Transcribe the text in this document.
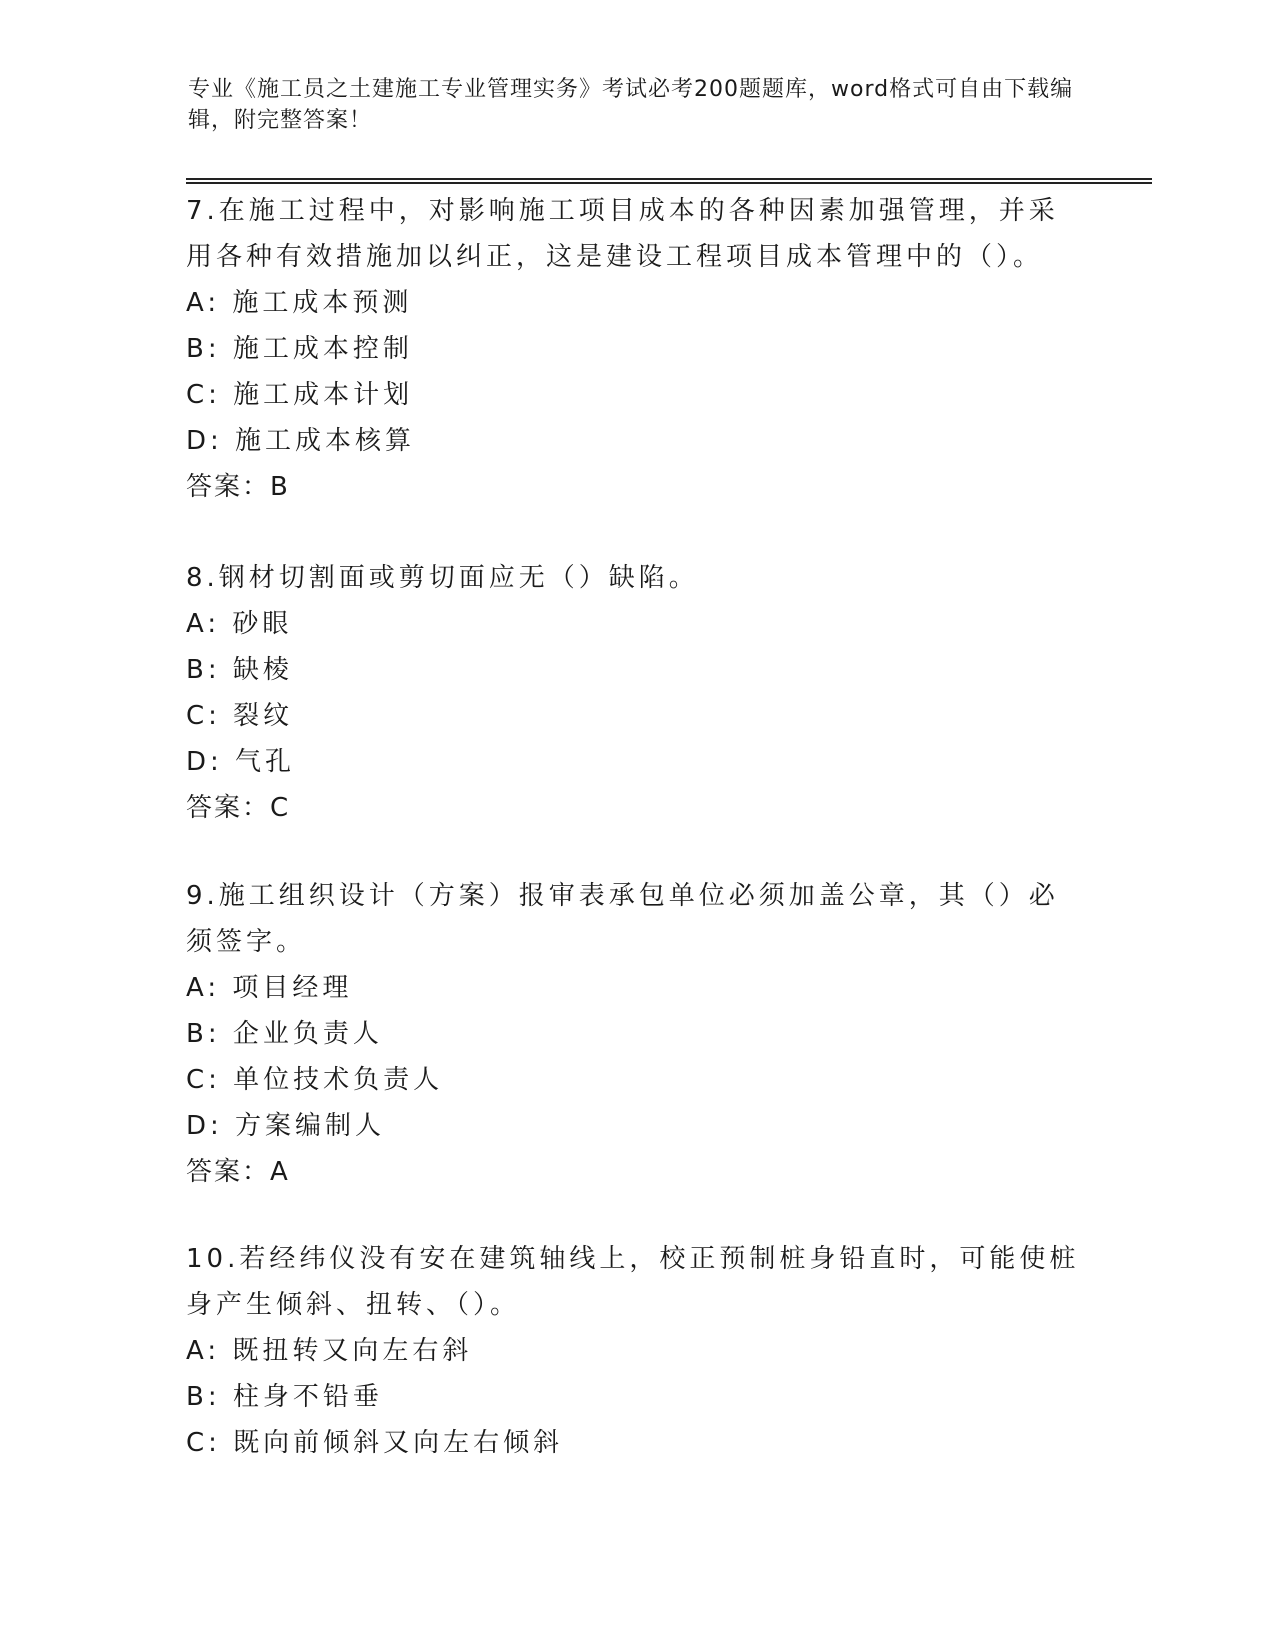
专业《施工员之土建施工专业管理实务》考试必考200题题库，word格式可自由下载编辑，附完整答案！

7.在施工过程中，对影响施工项目成本的各种因素加强管理，并采用各种有效措施加以纠正，这是建设工程项目成本管理中的（）。

A: 施工成本预测

B: 施工成本控制

C: 施工成本计划

D: 施工成本核算

答案：B

8.钢材切割面或剪切面应无（）缺陷。

A: 砂眼

B: 缺棱

C: 裂纹

D: 气孔

答案：C

9.施工组织设计（方案）报审表承包单位必须加盖公章，其（）必须签字。

A: 项目经理

B: 企业负责人

C: 单位技术负责人

D: 方案编制人

答案：A

10.若经纬仪没有安在建筑轴线上，校正预制桩身铅直时，可能使桩身产生倾斜、扭转、（）。

A: 既扭转又向左右斜

B: 柱身不铅垂

C: 既向前倾斜又向左右倾斜
